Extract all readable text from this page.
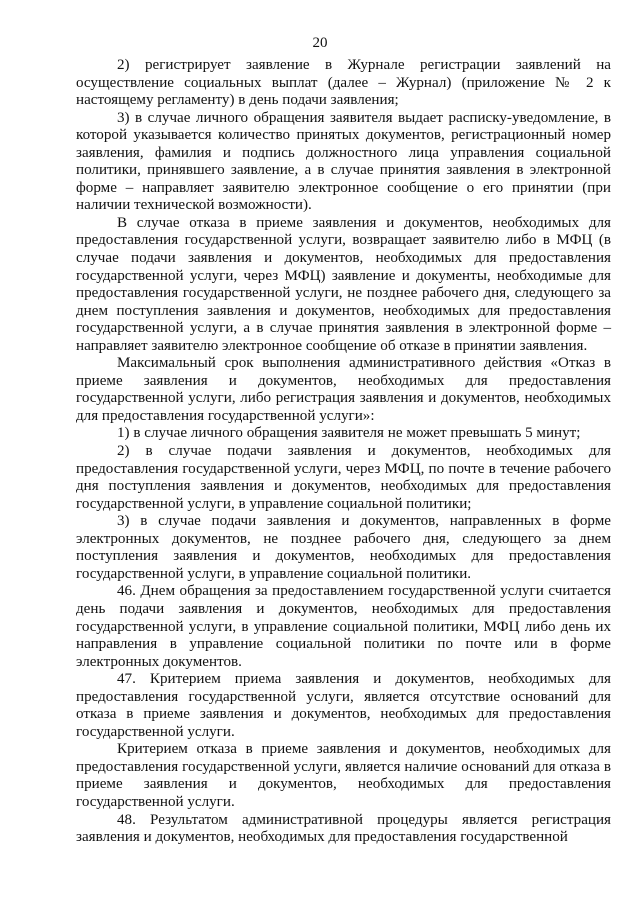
20

2) регистрирует заявление в Журнале регистрации заявлений на осуществление социальных выплат (далее – Журнал) (приложение № 2 к настоящему регламенту) в день подачи заявления;

3) в случае личного обращения заявителя выдает расписку-уведомление, в которой указывается количество принятых документов, регистрационный номер заявления, фамилия и подпись должностного лица управления социальной политики, принявшего заявление, а в случае принятия заявления в электронной форме – направляет заявителю электронное сообщение о его принятии (при наличии технической возможности).

В случае отказа в приеме заявления и документов, необходимых для предоставления государственной услуги, возвращает заявителю либо в МФЦ (в случае подачи заявления и документов, необходимых для предоставления государственной услуги, через МФЦ) заявление и документы, необходимые для предоставления государственной услуги, не позднее рабочего дня, следующего за днем поступления заявления и документов, необходимых для предоставления государственной услуги, а в случае принятия заявления в электронной форме – направляет заявителю электронное сообщение об отказе в принятии заявления.

Максимальный срок выполнения административного действия «Отказ в приеме заявления и документов, необходимых для предоставления государственной услуги, либо регистрация заявления и документов, необходимых для предоставления государственной услуги»:

1) в случае личного обращения заявителя не может превышать 5 минут;

2) в случае подачи заявления и документов, необходимых для предоставления государственной услуги, через МФЦ, по почте в течение рабочего дня поступления заявления и документов, необходимых для предоставления государственной услуги, в управление социальной политики;

3) в случае подачи заявления и документов, направленных в форме электронных документов, не позднее рабочего дня, следующего за днем поступления заявления и документов, необходимых для предоставления государственной услуги, в управление социальной политики.

46. Днем обращения за предоставлением государственной услуги считается день подачи заявления и документов, необходимых для предоставления государственной услуги, в управление социальной политики, МФЦ либо день их направления в управление социальной политики по почте или в форме электронных документов.

47. Критерием приема заявления и документов, необходимых для предоставления государственной услуги, является отсутствие оснований для отказа в приеме заявления и документов, необходимых для предоставления государственной услуги.

Критерием отказа в приеме заявления и документов, необходимых для предоставления государственной услуги, является наличие оснований для отказа в приеме заявления и документов, необходимых для предоставления государственной услуги.

48. Результатом административной процедуры является регистрация заявления и документов, необходимых для предоставления государственной
